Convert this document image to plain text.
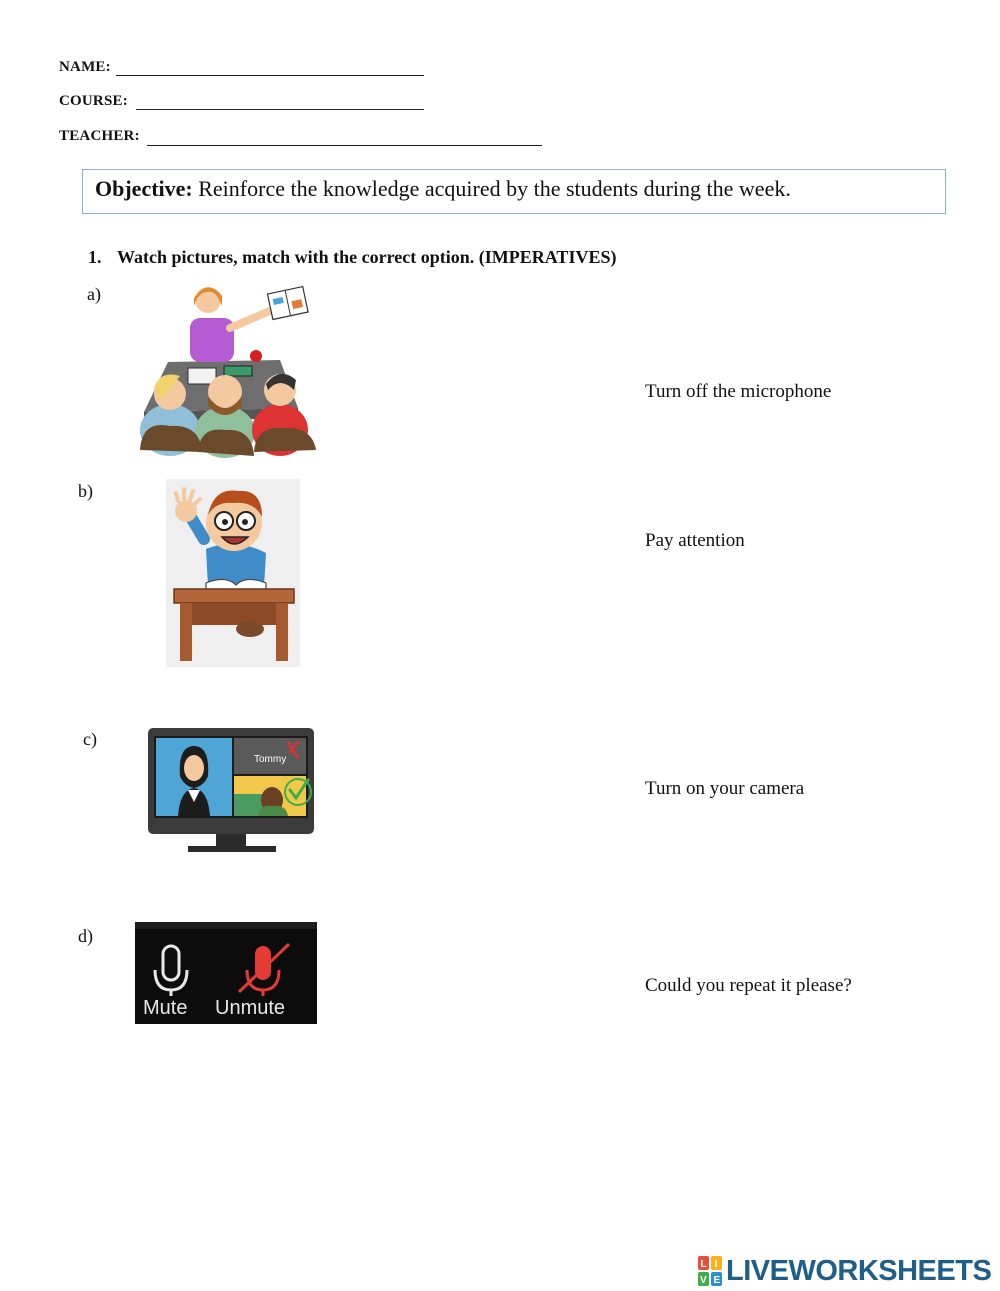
NAME:
COURSE:
TEACHER:
Objective: Reinforce the knowledge acquired by the students during the week.
1. Watch pictures, match with the correct option. (IMPERATIVES)
a)
b)
c)
d)
Tommy
Mute Unmute
Turn off the microphone
Pay attention
Turn on your camera
Could you repeat it please?
L I
V E LIVEWORKSHEETS
